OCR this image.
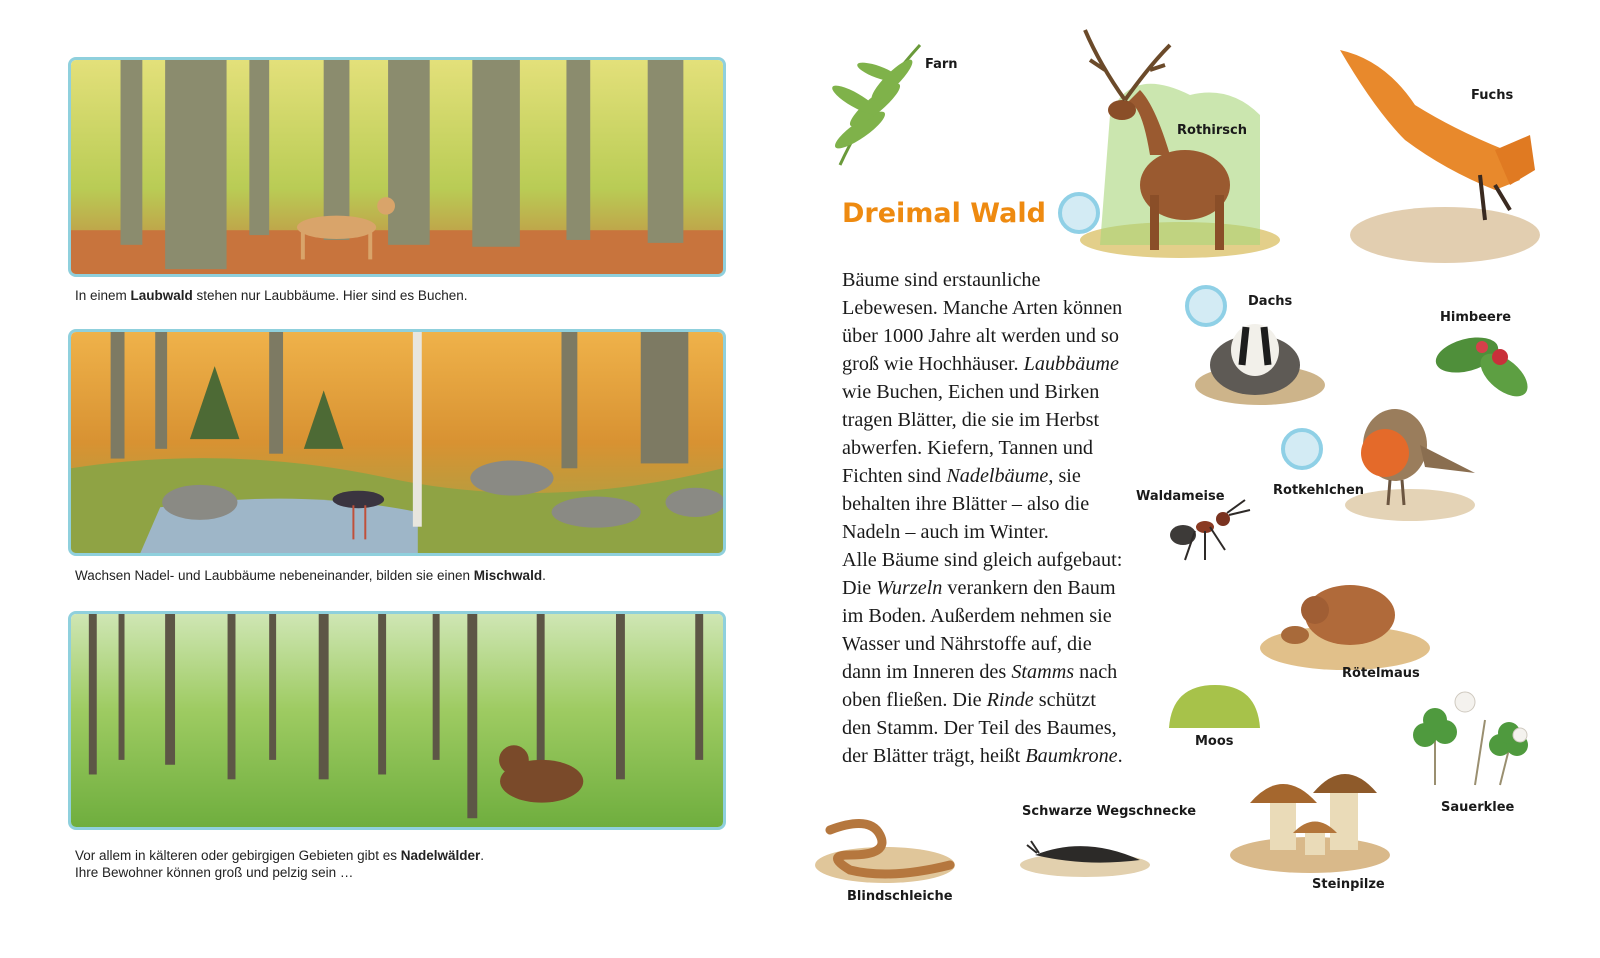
In einem Laubwald stehen nur Laubbäume. Hier sind es Buchen.
Wachsen Nadel- und Laubbäume nebeneinander, bilden sie einen Mischwald.
Vor allem in kälteren oder gebirgigen Gebieten gibt es Nadelwälder.
Ihre Bewohner können groß und pelzig sein …
Dreimal Wald
Bäume sind erstaunliche
Lebewesen. Manche Arten können
über 1000 Jahre alt werden und so
groß wie Hochhäuser. Laubbäume
wie Buchen, Eichen und Birken
tragen Blätter, die sie im Herbst
abwerfen. Kiefern, Tannen und
Fichten sind Nadelbäume, sie
behalten ihre Blätter – also die
Nadeln – auch im Winter.
Alle Bäume sind gleich aufgebaut:
Die Wurzeln verankern den Baum
im Boden. Außerdem nehmen sie
Wasser und Nährstoffe auf, die
dann im Inneren des Stamms nach
oben fließen. Die Rinde schützt
den Stamm. Der Teil des Baumes,
der Blätter trägt, heißt Baumkrone.
Farn
Rothirsch
Fuchs
Dachs
Himbeere
Waldameise	Rotkehlchen
Rötelmaus
Moos
Sauerklee
Schwarze Wegschnecke
Blindschleiche
Steinpilze
